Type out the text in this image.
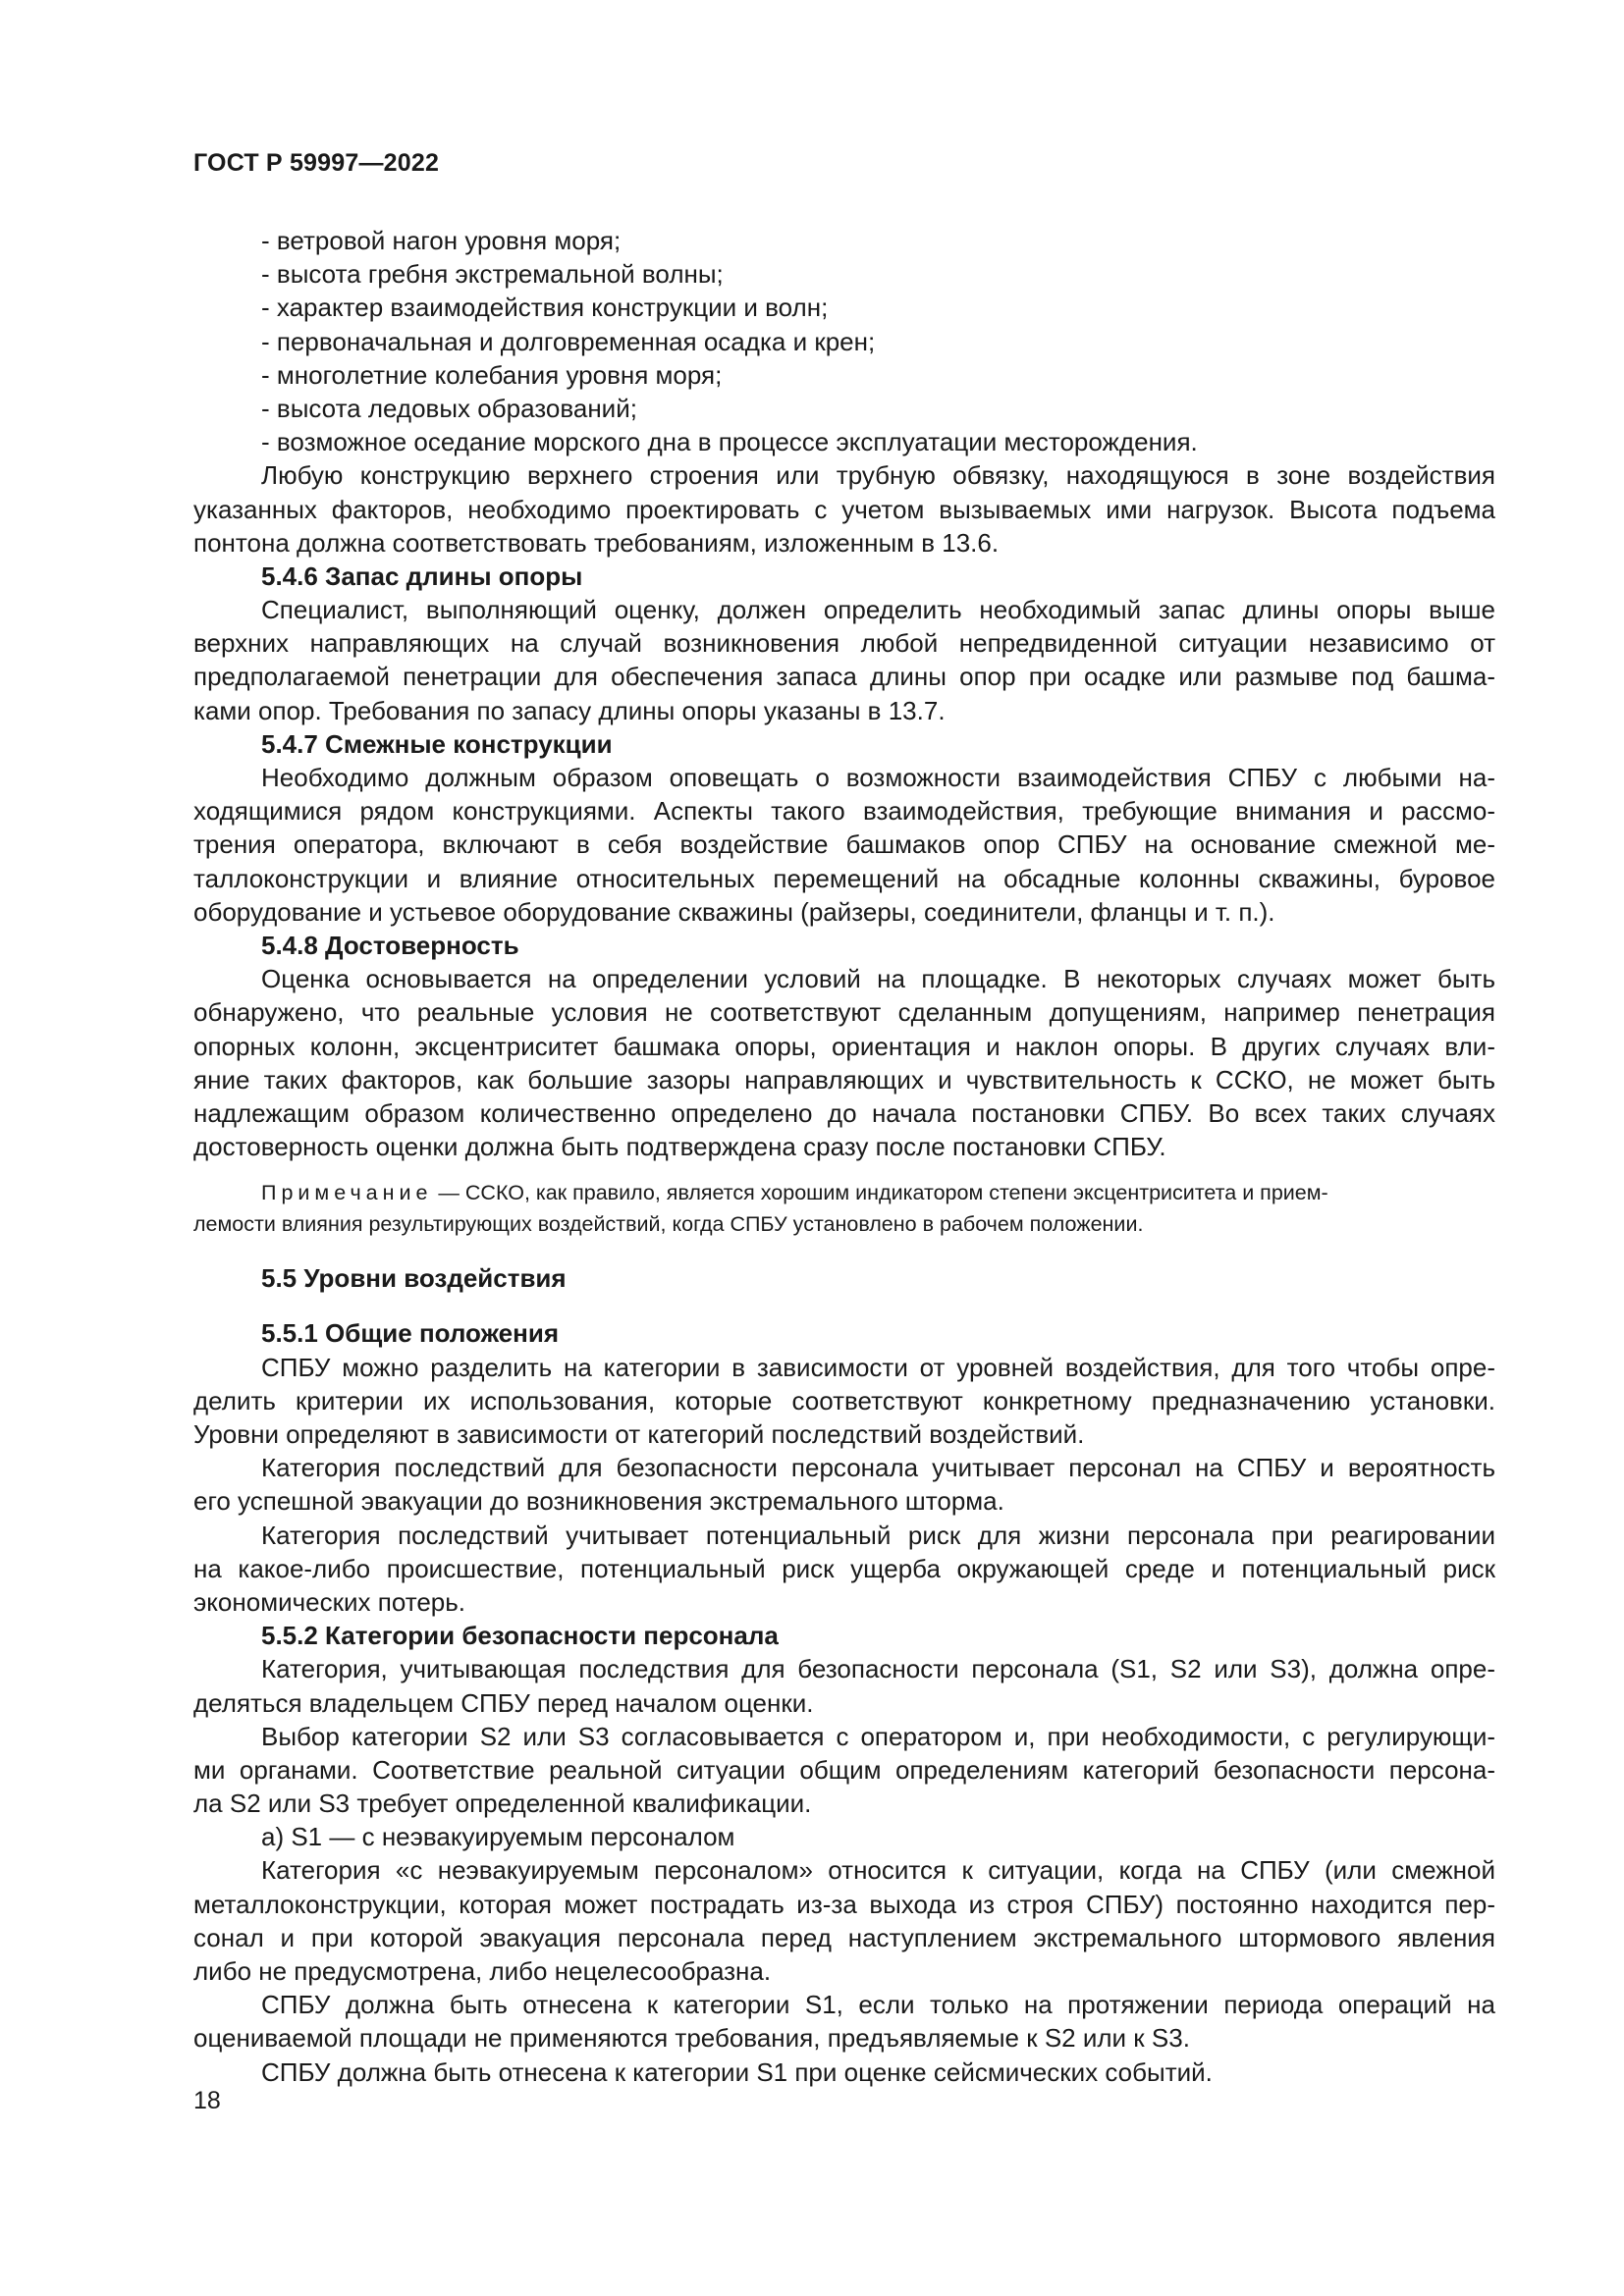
ГОСТ Р 59997—2022
- ветровой нагон уровня моря;
- высота гребня экстремальной волны;
- характер взаимодействия конструкции и волн;
- первоначальная и долговременная осадка и крен;
- многолетние колебания уровня моря;
- высота ледовых образований;
- возможное оседание морского дна в процессе эксплуатации месторождения.
Любую конструкцию верхнего строения или трубную обвязку, находящуюся в зоне воздействия
указанных факторов, необходимо проектировать с учетом вызываемых ими нагрузок. Высота подъема
понтона должна соответствовать требованиям, изложенным в 13.6.
5.4.6 Запас длины опоры
Специалист, выполняющий оценку, должен определить необходимый запас длины опоры выше
верхних направляющих на случай возникновения любой непредвиденной ситуации независимо от
предполагаемой пенетрации для обеспечения запаса длины опор при осадке или размыве под башма-
ками опор. Требования по запасу длины опоры указаны в 13.7.
5.4.7 Смежные конструкции
Необходимо должным образом оповещать о возможности взаимодействия СПБУ с любыми на-
ходящимися рядом конструкциями. Аспекты такого взаимодействия, требующие внимания и рассмо-
трения оператора, включают в себя воздействие башмаков опор СПБУ на основание смежной ме-
таллоконструкции и влияние относительных перемещений на обсадные колонны скважины, буровое
оборудование и устьевое оборудование скважины (райзеры, соединители, фланцы и т. п.).
5.4.8 Достоверность
Оценка основывается на определении условий на площадке. В некоторых случаях может быть
обнаружено, что реальные условия не соответствуют сделанным допущениям, например пенетрация
опорных колонн, эксцентриситет башмака опоры, ориентация и наклон опоры. В других случаях вли-
яние таких факторов, как большие зазоры направляющих и чувствительность к ССКО, не может быть
надлежащим образом количественно определено до начала постановки СПБУ. Во всех таких случаях
достоверность оценки должна быть подтверждена сразу после постановки СПБУ.
Примечание — ССКО, как правило, является хорошим индикатором степени эксцентриситета и прием-
лемости влияния результирующих воздействий, когда СПБУ установлено в рабочем положении.
5.5 Уровни воздействия
5.5.1 Общие положения
СПБУ можно разделить на категории в зависимости от уровней воздействия, для того чтобы опре-
делить критерии их использования, которые соответствуют конкретному предназначению установки.
Уровни определяют в зависимости от категорий последствий воздействий.
Категория последствий для безопасности персонала учитывает персонал на СПБУ и вероятность
его успешной эвакуации до возникновения экстремального шторма.
Категория последствий учитывает потенциальный риск для жизни персонала при реагировании
на какое-либо происшествие, потенциальный риск ущерба окружающей среде и потенциальный риск
экономических потерь.
5.5.2 Категории безопасности персонала
Категория, учитывающая последствия для безопасности персонала (S1, S2 или S3), должна опре-
деляться владельцем СПБУ перед началом оценки.
Выбор категории S2 или S3 согласовывается с оператором и, при необходимости, с регулирующи-
ми органами. Соответствие реальной ситуации общим определениям категорий безопасности персона-
ла S2 или S3 требует определенной квалификации.
а) S1 — с неэвакуируемым персоналом
Категория «с неэвакуируемым персоналом» относится к ситуации, когда на СПБУ (или смежной
металлоконструкции, которая может пострадать из-за выхода из строя СПБУ) постоянно находится пер-
сонал и при которой эвакуация персонала перед наступлением экстремального штормового явления
либо не предусмотрена, либо нецелесообразна.
СПБУ должна быть отнесена к категории S1, если только на протяжении периода операций на
оцениваемой площади не применяются требования, предъявляемые к S2 или к S3.
СПБУ должна быть отнесена к категории S1 при оценке сейсмических событий.
18
